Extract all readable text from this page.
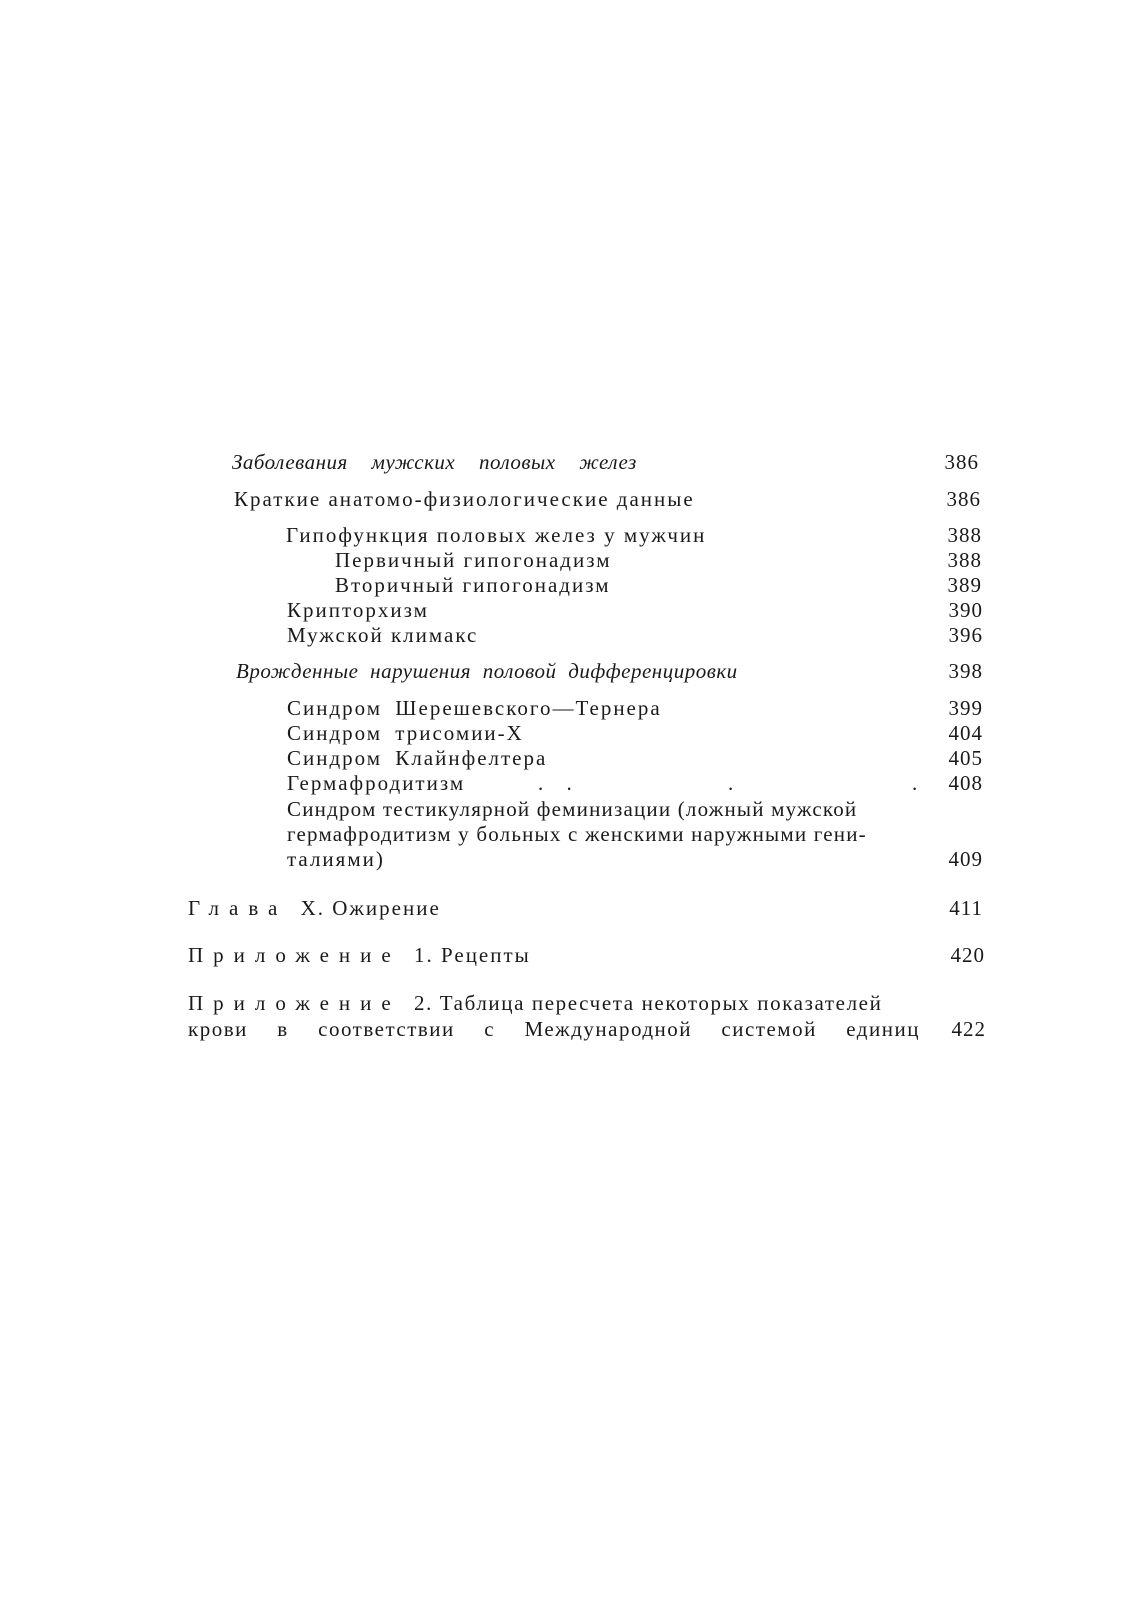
Заболевания мужских половых желез	386
Краткие анатомо-физиологические данные	386
Гипофункция половых желез у мужчин	388
Первичный гипогонадизм	388
Вторичный гипогонадизм	389
Крипторхизм	390
Мужской климакс	396
Врожденные нарушения половой дифференцировки	398
Синдром Шерешевского—Тернера	399
Синдром трисомии-Х	404
Синдром Клайнфелтера	405
Гермафродитизм	. .	.	.	408
Синдром тестикулярной феминизации (ложный мужской
гермафродитизм у больных с женскими наружными гени-
талиями)	409
Глава X. Ожирение	411
Приложение 1. Рецепты	420
Приложение 2. Таблица пересчета некоторых показателей
крови в соответствии с Международной системой единиц	422
